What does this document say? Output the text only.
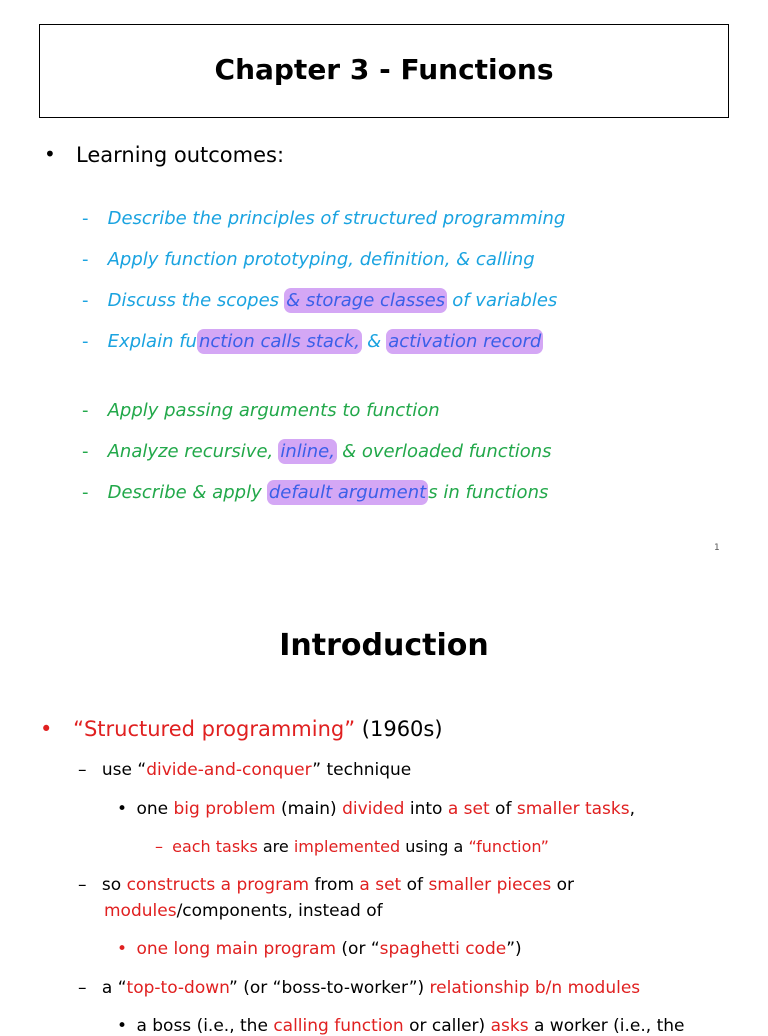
Chapter 3 - Functions
• Learning outcomes:
- Describe the principles of structured programming
- Apply function prototyping, definition, & calling
- Discuss the scopes & storage classes of variables
- Explain fu nction calls stack, & activation record
- Apply passing arguments to function
- Analyze recursive, inline, & overloaded functions
- Describe & apply default argument s in functions
1
Introduction
• “Structured programming” (1960s)
– use “divide-and-conquer” technique
• one big problem (main) divided into a set of smaller tasks,
– each tasks are implemented using a “function”
– so constructs a program from a set of smaller pieces or
modules/components, instead of
• one long main program (or “spaghetti code”)
– a “top-to-down” (or “boss-to-worker”) relationship b/n modules
• a boss (i.e., the calling function or caller) asks a worker (i.e., the
